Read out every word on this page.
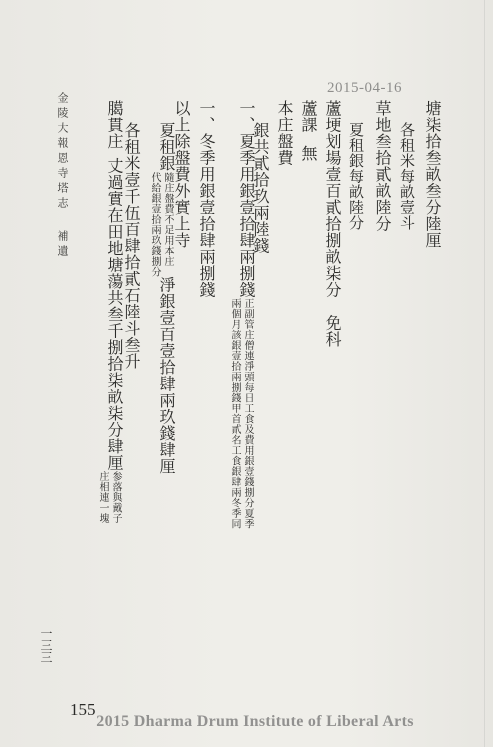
2015-04-16
塘柒拾叁畝叁分陸厘
各租米每畝壹斗
草地叁拾貳畝陸分
夏租銀每畝陸分
蘆埂划場壹百貳拾捌畝柒分　免科
蘆課無
本庄盤費
銀共貳拾玖兩陸錢
一、夏季用銀壹拾肆兩捌錢
正副管庄僧連淨頭每日工食及費用銀壹錢捌分夏季
兩個月該銀壹拾兩捌錢甲首貳名工食銀肆兩冬季同
一、冬季用銀壹拾肆兩捌錢
以上除盤費外實上寺
夏租銀
隨庄盤費不足用本庄
代給銀壹拾兩玖錢捌分
淨銀壹百壹拾肆兩玖錢肆厘
各租米壹千伍百肆拾貳石陸斗叁升
臈貫庄丈過實在田地塘蕩共叁千捌拾柒畝柒分肆厘
参落與戴子
庄相連一塊
金陵大報恩寺塔志補遺
一三三
155
2015 Dharma Drum Institute of Liberal Arts
